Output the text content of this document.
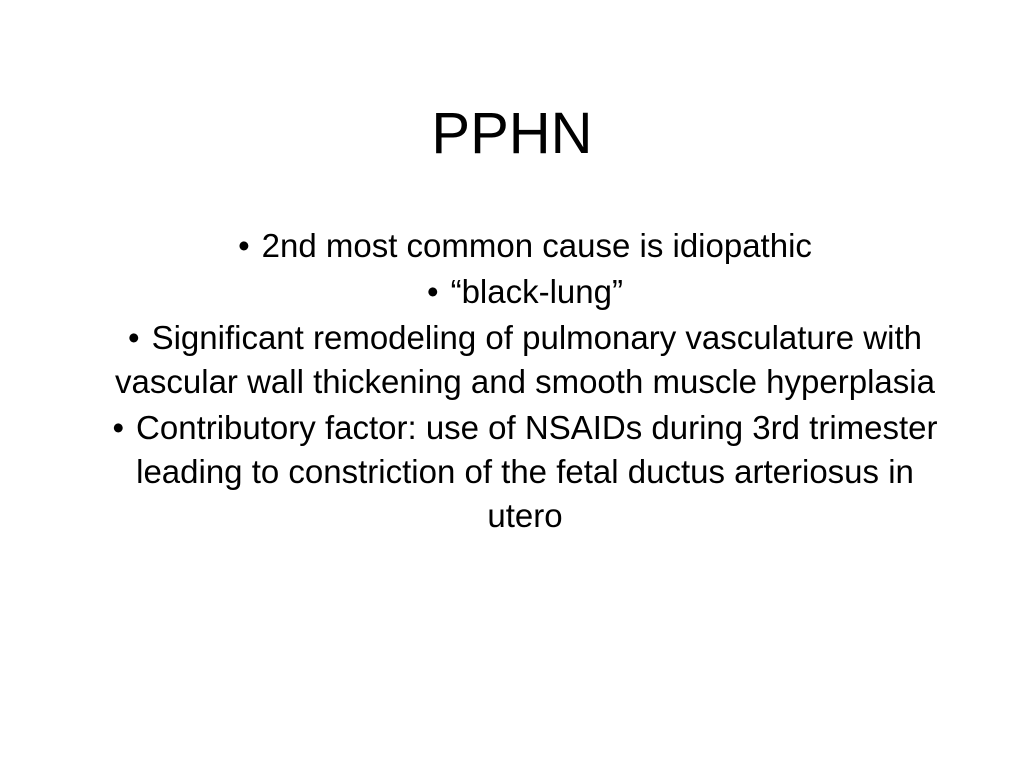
PPHN
• 2nd most common cause is idiopathic
• “black-lung”
• Significant remodeling of pulmonary vasculature with vascular wall thickening and smooth muscle hyperplasia
• Contributory factor: use of NSAIDs during 3rd trimester leading to constriction of the fetal ductus arteriosus in utero
